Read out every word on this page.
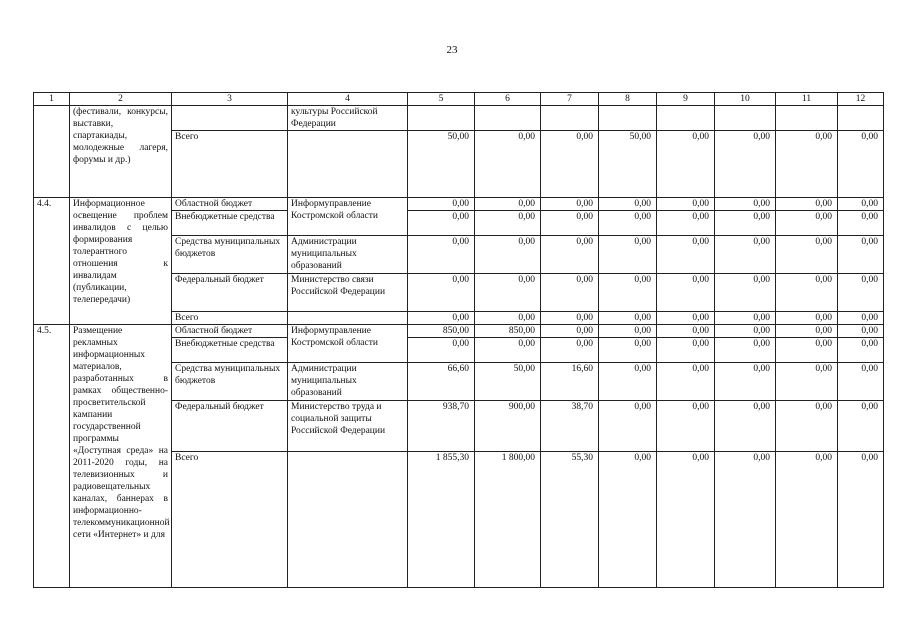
23
1	2	3	4	5	6	7	8	9	10	11	12
	(фестивали, конкурсы, выставки, спартакиады, молодежные лагеря, форумы и др.)		культуры Российской Федерации								
		Всего		50,00	0,00	0,00	50,00	0,00	0,00	0,00	0,00
4.4.	Информационное освещение проблем инвалидов с целью формирования толерантного отношения к инвалидам (публикации, телепередачи)	Областной бюджет	Информуправление Костромской области	0,00	0,00	0,00	0,00	0,00	0,00	0,00	0,00
		Внебюджетные средства		0,00	0,00	0,00	0,00	0,00	0,00	0,00	0,00
		Средства муниципальных бюджетов	Администрации муниципальных образований	0,00	0,00	0,00	0,00	0,00	0,00	0,00	0,00
		Федеральный бюджет	Министерство связи Российской Федерации	0,00	0,00	0,00	0,00	0,00	0,00	0,00	0,00
		Всего		0,00	0,00	0,00	0,00	0,00	0,00	0,00	0,00
4.5.	Размещение рекламных информационных материалов, разработанных в рамках общественно-просветительской кампании государственной программы «Доступная среда» на 2011-2020 годы, на телевизионных и радиовещательных каналах, баннерах в информационно-телекоммуникационной сети «Интернет» и для	Областной бюджет	Информуправление Костромской области	850,00	850,00	0,00	0,00	0,00	0,00	0,00	0,00
		Внебюджетные средства		0,00	0,00	0,00	0,00	0,00	0,00	0,00	0,00
		Средства муниципальных бюджетов	Администрации муниципальных образований	66,60	50,00	16,60	0,00	0,00	0,00	0,00	0,00
		Федеральный бюджет	Министерство труда и социальной защиты Российской Федерации	938,70	900,00	38,70	0,00	0,00	0,00	0,00	0,00
		Всего		1 855,30	1 800,00	55,30	0,00	0,00	0,00	0,00	0,00
